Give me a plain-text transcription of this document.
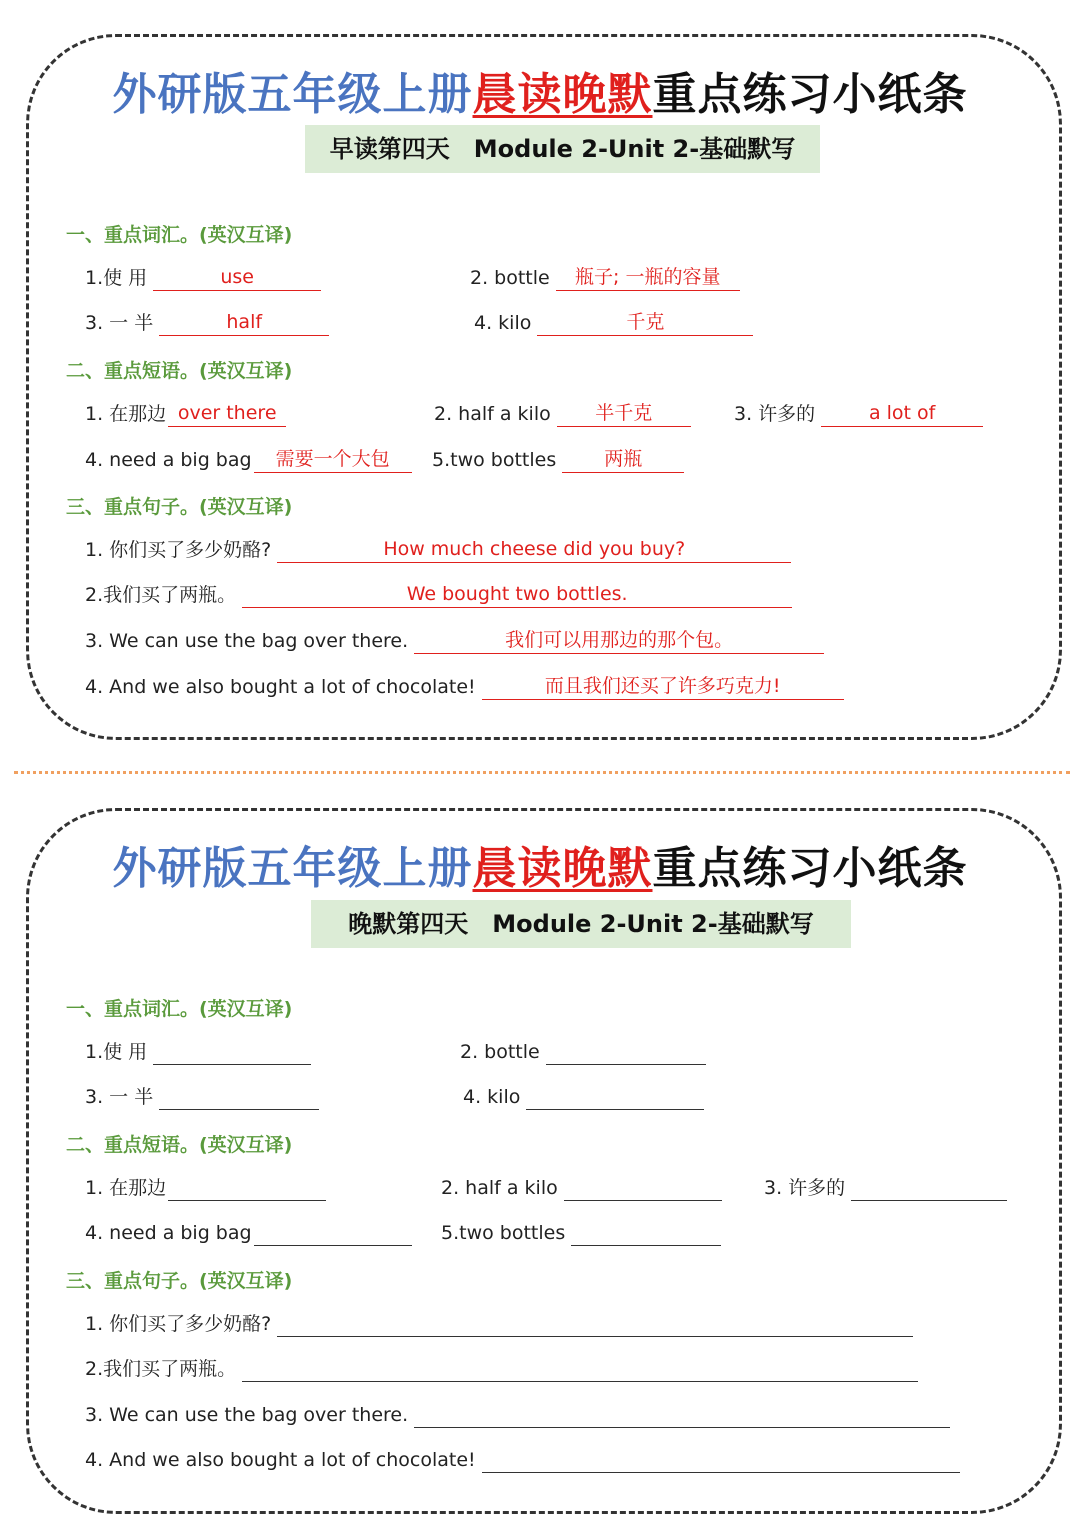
外研版五年级上册晨读晚默重点练习小纸条
早读第四天　Module 2-Unit 2-基础默写
一、重点词汇。(英汉互译)
1.使 用	use	2. bottle 瓶子; 一瓶的容量
3. 一 半	half	4. kilo	千克
二、重点短语。(英汉互译)
1. 在那边 over there	2. half a kilo 半千克	3. 许多的	a lot of
4. need a big bag 需要一个大包	5.two bottles	两瓶
三、重点句子。(英汉互译)
1. 你们买了多少奶酪?	How much cheese did you buy?
2.我们买了两瓶。	We bought two bottles.
3. We can use the bag over there.	我们可以用那边的那个包。
4. And we also bought a lot of chocolate!	而且我们还买了许多巧克力!
外研版五年级上册晨读晚默重点练习小纸条
晚默第四天　Module 2-Unit 2-基础默写
一、重点词汇。(英汉互译)
1.使 用	2. bottle
3. 一 半	4. kilo
二、重点短语。(英汉互译)
1. 在那边	2. half a kilo	3. 许多的
4. need a big bag	5.two bottles
三、重点句子。(英汉互译)
1. 你们买了多少奶酪?
2.我们买了两瓶。
3. We can use the bag over there.
4. And we also bought a lot of chocolate!
